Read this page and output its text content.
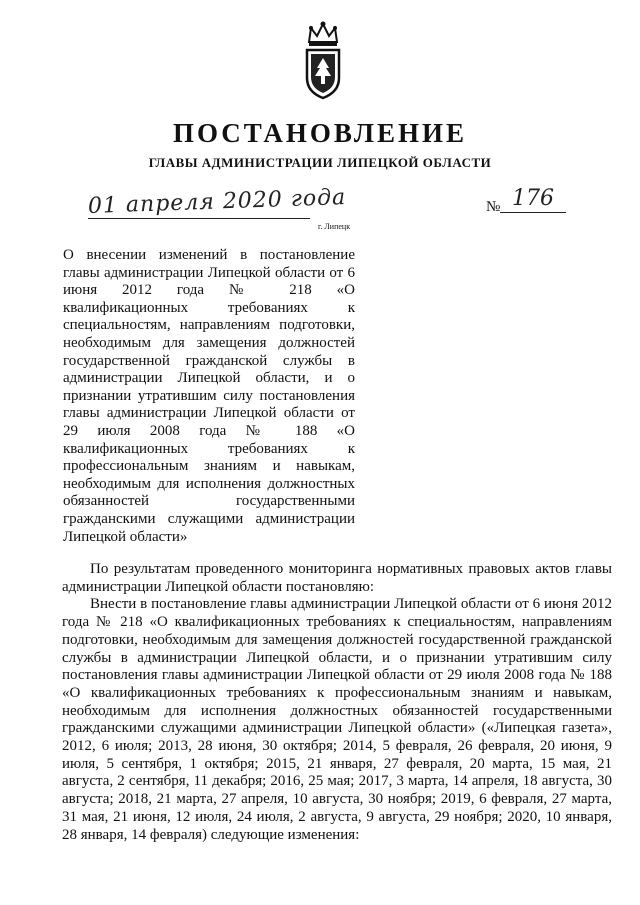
ПОСТАНОВЛЕНИЕ
ГЛАВЫ АДМИНИСТРАЦИИ ЛИПЕЦКОЙ ОБЛАСТИ
01 апреля 2020 года
г. Липецк
№ 176

О внесении изменений в постановление главы администрации Липецкой области от 6 июня 2012 года № 218 «О квалификационных требованиях к специальностям, направлениям подготовки, необходимым для замещения должностей государственной гражданской службы в администрации Липецкой области, и о признании утратившим силу постановления главы администрации Липецкой области от 29 июля 2008 года № 188 «О квалификационных требованиях к профессиональным знаниям и навыкам, необходимым для исполнения должностных обязанностей государственными гражданскими служащими администрации Липецкой области»

По результатам проведенного мониторинга нормативных правовых актов главы администрации Липецкой области постановляю:

Внести в постановление главы администрации Липецкой области от 6 июня 2012 года № 218 «О квалификационных требованиях к специальностям, направлениям подготовки, необходимым для замещения должностей государственной гражданской службы в администрации Липецкой области, и о признании утратившим силу постановления главы администрации Липецкой области от 29 июля 2008 года № 188 «О квалификационных требованиях к профессиональным знаниям и навыкам, необходимым для исполнения должностных обязанностей государственными гражданскими служащими администрации Липецкой области» («Липецкая газета», 2012, 6 июля; 2013, 28 июня, 30 октября; 2014, 5 февраля, 26 февраля, 20 июня, 9 июля, 5 сентября, 1 октября; 2015, 21 января, 27 февраля, 20 марта, 15 мая, 21 августа, 2 сентября, 11 декабря; 2016, 25 мая; 2017, 3 марта, 14 апреля, 18 августа, 30 августа; 2018, 21 марта, 27 апреля, 10 августа, 30 ноября; 2019, 6 февраля, 27 марта, 31 мая, 21 июня, 12 июля, 24 июля, 2 августа, 9 августа, 29 ноября; 2020, 10 января, 28 января, 14 февраля) следующие изменения:
